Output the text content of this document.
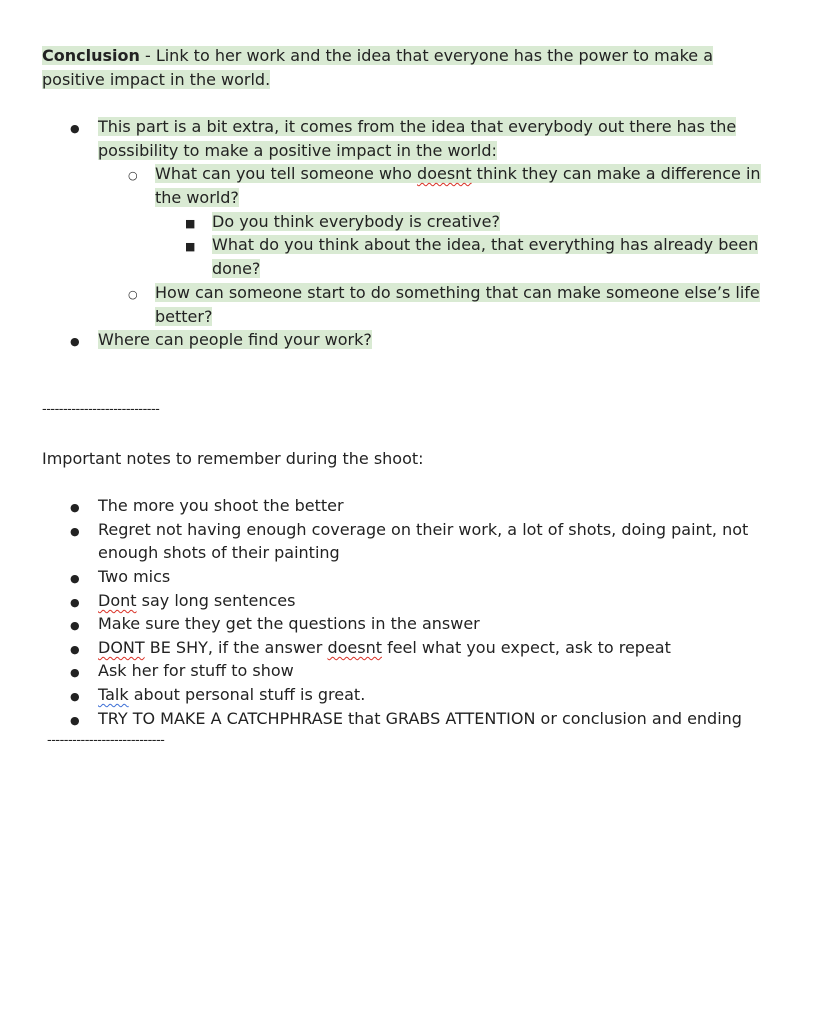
Conclusion - Link to her work and the idea that everyone has the power to make a
positive impact in the world.
●
This part is a bit extra, it comes from the idea that everybody out there has the
possibility to make a positive impact in the world:
○
What can you tell someone who doesnt think they can make a difference in
the world?
■
Do you think everybody is creative?
■
What do you think about the idea, that everything has already been
done?
○
How can someone start to do something that can make someone else’s life
better?
●
Where can people find your work?
----------------------------
Important notes to remember during the shoot:
●
The more you shoot the better
●
Regret not having enough coverage on their work, a lot of shots, doing paint, not
enough shots of their painting
●
Two mics
●
Dont say long sentences
●
Make sure they get the questions in the answer
●
DONT BE SHY, if the answer doesnt feel what you expect, ask to repeat
●
Ask her for stuff to show
●
Talk about personal stuff is great.
●
TRY TO MAKE A CATCHPHRASE that GRABS ATTENTION or conclusion and ending
----------------------------
